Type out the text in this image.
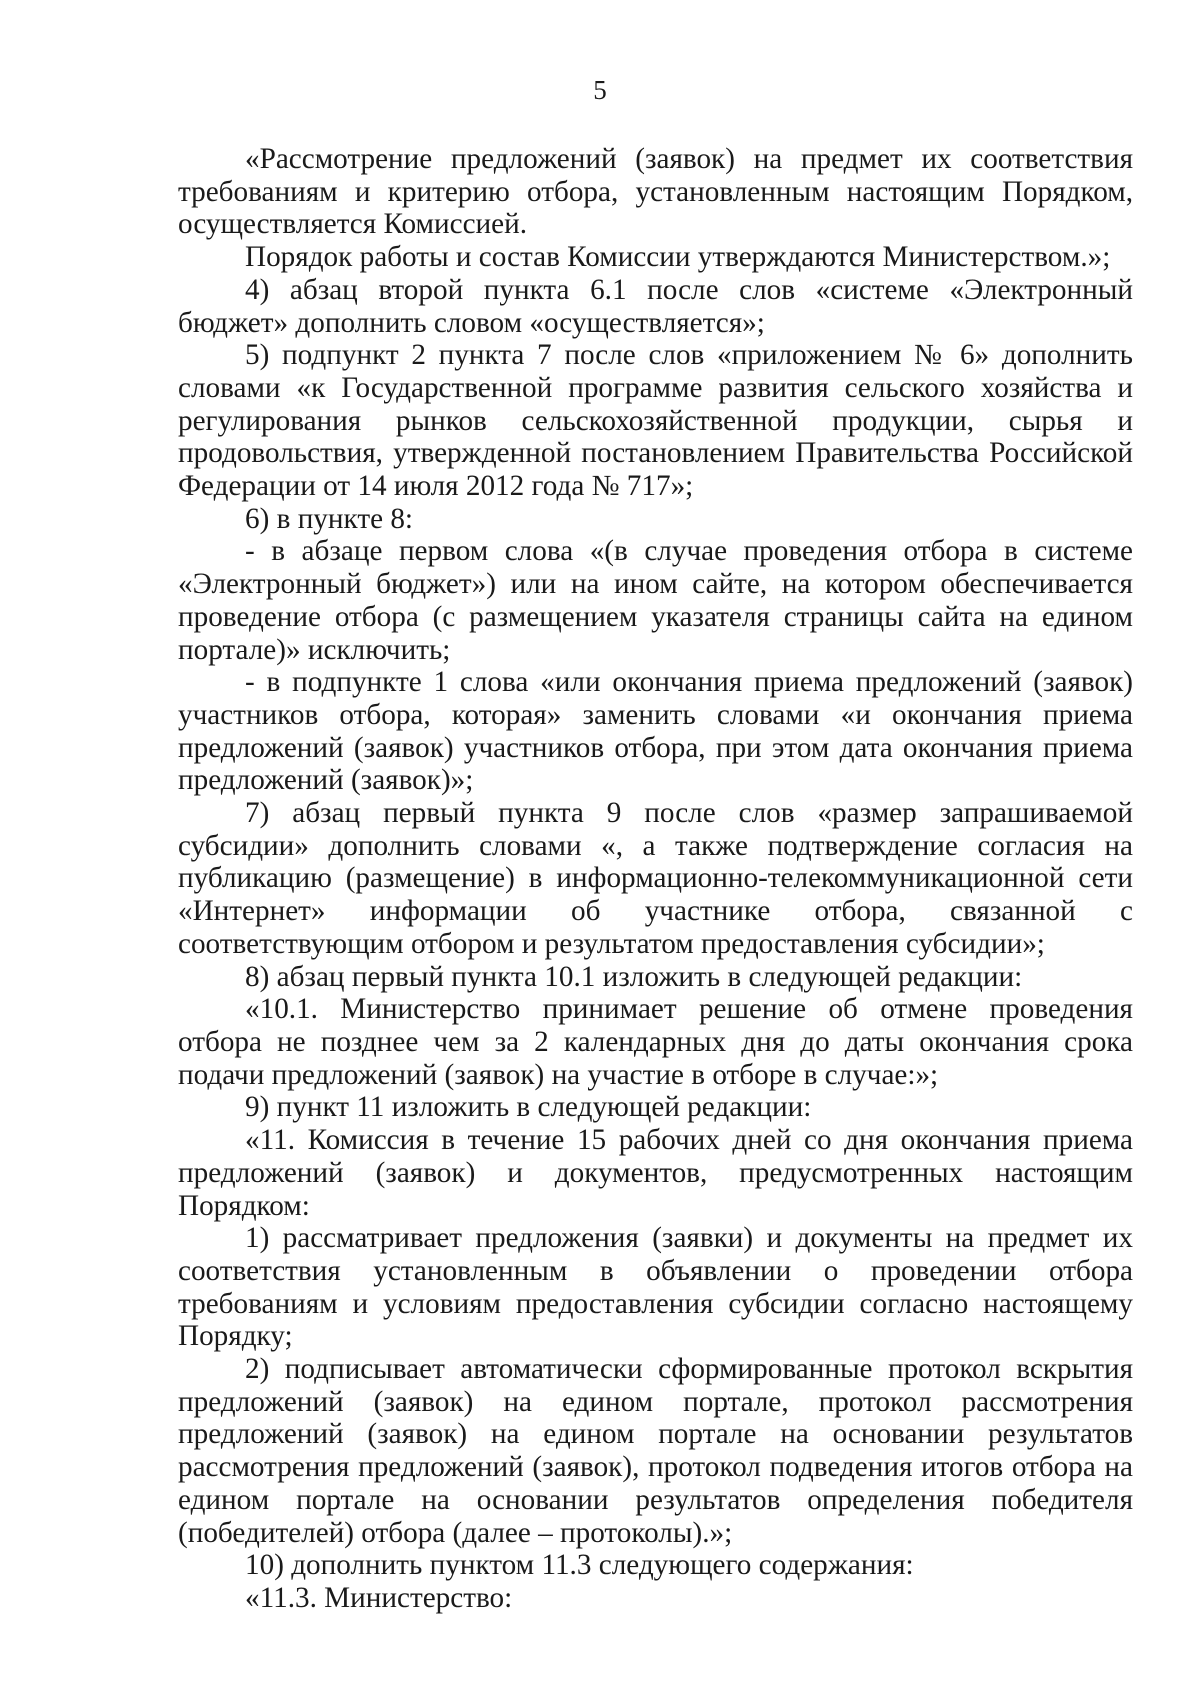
5

«Рассмотрение предложений (заявок) на предмет их соответствия требованиям и критерию отбора, установленным настоящим Порядком, осуществляется Комиссией.

Порядок работы и состав Комиссии утверждаются Министерством.»;

4) абзац второй пункта 6.1 после слов «системе «Электронный бюджет» дополнить словом «осуществляется»;

5) подпункт 2 пункта 7 после слов «приложением № 6» дополнить словами «к Государственной программе развития сельского хозяйства и регулирования рынков сельскохозяйственной продукции, сырья и продовольствия, утвержденной постановлением Правительства Российской Федерации от 14 июля 2012 года № 717»;

6) в пункте 8:

- в абзаце первом слова «(в случае проведения отбора в системе «Электронный бюджет») или на ином сайте, на котором обеспечивается проведение отбора (с размещением указателя страницы сайта на едином портале)» исключить;

- в подпункте 1 слова «или окончания приема предложений (заявок) участников отбора, которая» заменить словами «и окончания приема предложений (заявок) участников отбора, при этом дата окончания приема предложений (заявок)»;

7) абзац первый пункта 9 после слов «размер запрашиваемой субсидии» дополнить словами «, а также подтверждение согласия на публикацию (размещение) в информационно-телекоммуникационной сети «Интернет» информации об участнике отбора, связанной с соответствующим отбором и результатом предоставления субсидии»;

8) абзац первый пункта 10.1 изложить в следующей редакции:

«10.1. Министерство принимает решение об отмене проведения отбора не позднее чем за 2 календарных дня до даты окончания срока подачи предложений (заявок) на участие в отборе в случае:»;

9) пункт 11 изложить в следующей редакции:

«11. Комиссия в течение 15 рабочих дней со дня окончания приема предложений (заявок) и документов, предусмотренных настоящим Порядком:

1) рассматривает предложения (заявки) и документы на предмет их соответствия установленным в объявлении о проведении отбора требованиям и условиям предоставления субсидии согласно настоящему Порядку;

2) подписывает автоматически сформированные протокол вскрытия предложений (заявок) на едином портале, протокол рассмотрения предложений (заявок) на едином портале на основании результатов рассмотрения предложений (заявок), протокол подведения итогов отбора на едином портале на основании результатов определения победителя (победителей) отбора (далее – протоколы).»;

10) дополнить пунктом 11.3 следующего содержания:

«11.3. Министерство:
